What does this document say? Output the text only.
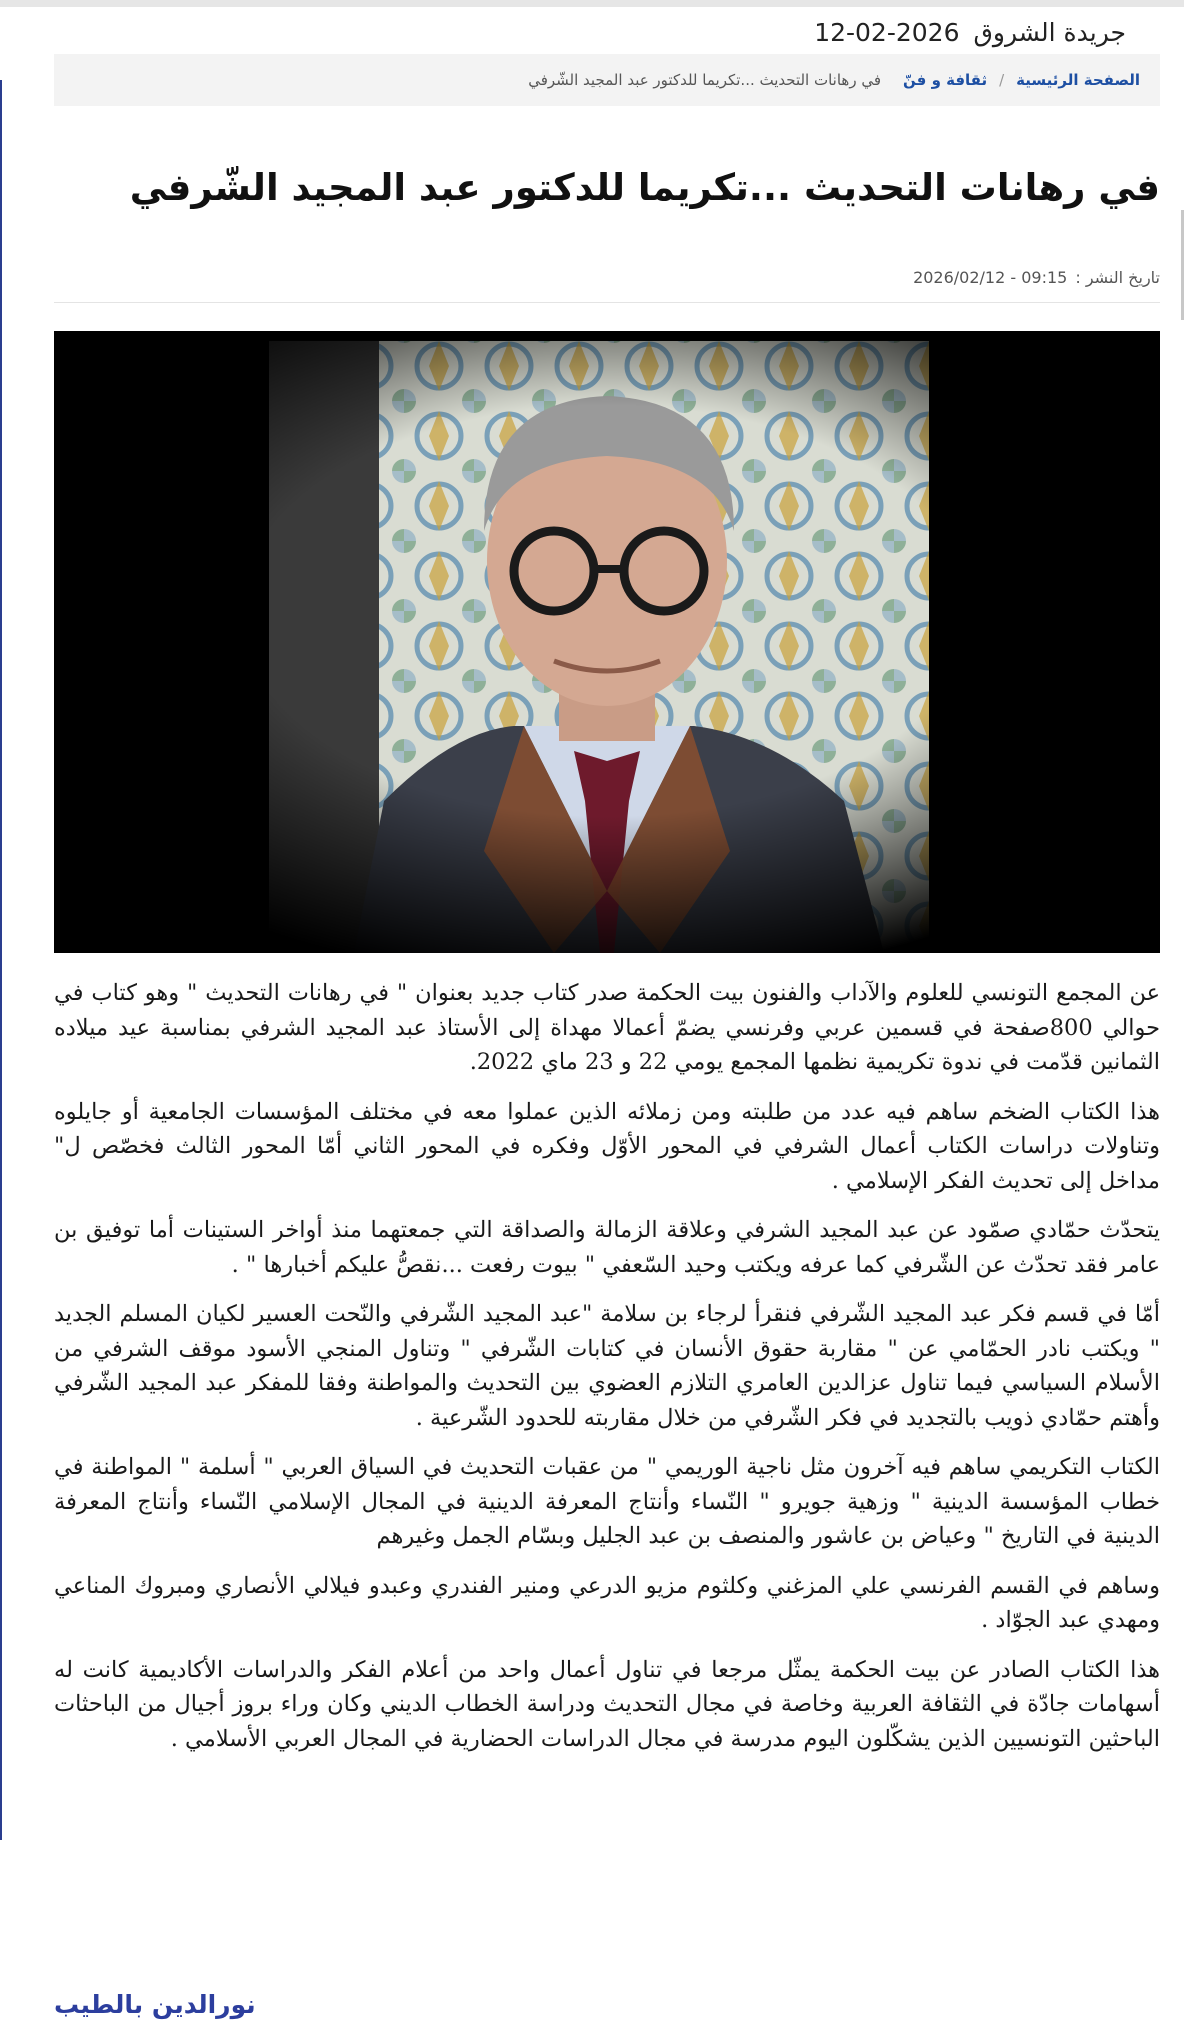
جريدة الشروق
12-02-2026
الصفحة الرئيسية
/
ثقافة و فنّ
في رهانات التحديث ...تكريما للدكتور عبد المجيد الشّرفي
في رهانات التحديث ...تكريما للدكتور عبد المجيد الشّرفي
تاريخ النشر :
2026/02/12 - 09:15

عن المجمع التونسي للعلوم والآداب والفنون بيت الحكمة صدر كتاب جديد بعنوان " في رهانات التحديث " وهو كتاب في حوالي 800صفحة في قسمين عربي وفرنسي يضمّ أعمالا مهداة إلى الأستاذ عبد المجيد الشرفي بمناسبة عيد ميلاده الثمانين قدّمت في ندوة تكريمية نظمها المجمع يومي 22 و 23 ماي 2022.

هذا الكتاب الضخم ساهم فيه عدد من طلبته ومن زملائه الذين عملوا معه في مختلف المؤسسات الجامعية أو جايلوه وتناولات دراسات الكتاب أعمال الشرفي في المحور الأوّل وفكره في المحور الثاني أمّا المحور الثالث فخصّص ل" مداخل إلى تحديث الفكر الإسلامي .

يتحدّث حمّادي صمّود عن عبد المجيد الشرفي وعلاقة الزمالة والصداقة التي جمعتهما منذ أواخر الستينات أما توفيق بن عامر فقد تحدّث عن الشّرفي كما عرفه ويكتب وحيد السّعفي " بيوت رفعت ...نقصُّ عليكم أخبارها " .

أمّا في قسم فكر عبد المجيد الشّرفي فنقرأ لرجاء بن سلامة "عبد المجيد الشّرفي والنّحت العسير لكيان المسلم الجديد " ويكتب نادر الحمّامي عن " مقاربة حقوق الأنسان في كتابات الشّرفي " وتناول المنجي الأسود موقف الشرفي من الأسلام السياسي فيما تناول عزالدين العامري التلازم العضوي بين التحديث والمواطنة وفقا للمفكر عبد المجيد الشّرفي وأهتم حمّادي ذويب بالتجديد في فكر الشّرفي من خلال مقاربته للحدود الشّرعية .

الكتاب التكريمي ساهم فيه آخرون مثل ناجية الوريمي " من عقبات التحديث في السياق العربي " أسلمة " المواطنة في خطاب المؤسسة الدينية " وزهية جويرو " النّساء وأنتاج المعرفة الدينية في المجال الإسلامي النّساء وأنتاج المعرفة الدينية في التاريخ " وعياض بن عاشور والمنصف بن عبد الجليل وبسّام الجمل وغيرهم

وساهم في القسم الفرنسي علي المزغني وكلثوم مزيو الدرعي ومنير الفندري وعبدو فيلالي الأنصاري ومبروك المناعي ومهدي عبد الجوّاد .

هذا الكتاب الصادر عن بيت الحكمة يمثّل مرجعا في تناول أعمال واحد من أعلام الفكر والدراسات الأكاديمية كانت له أسهامات جادّة في الثقافة العربية وخاصة في مجال التحديث ودراسة الخطاب الديني وكان وراء بروز أجيال من الباحثات الباحثين التونسيين الذين يشكّلون اليوم مدرسة في مجال الدراسات الحضارية في المجال العربي الأسلامي .

نورالدين بالطيب
